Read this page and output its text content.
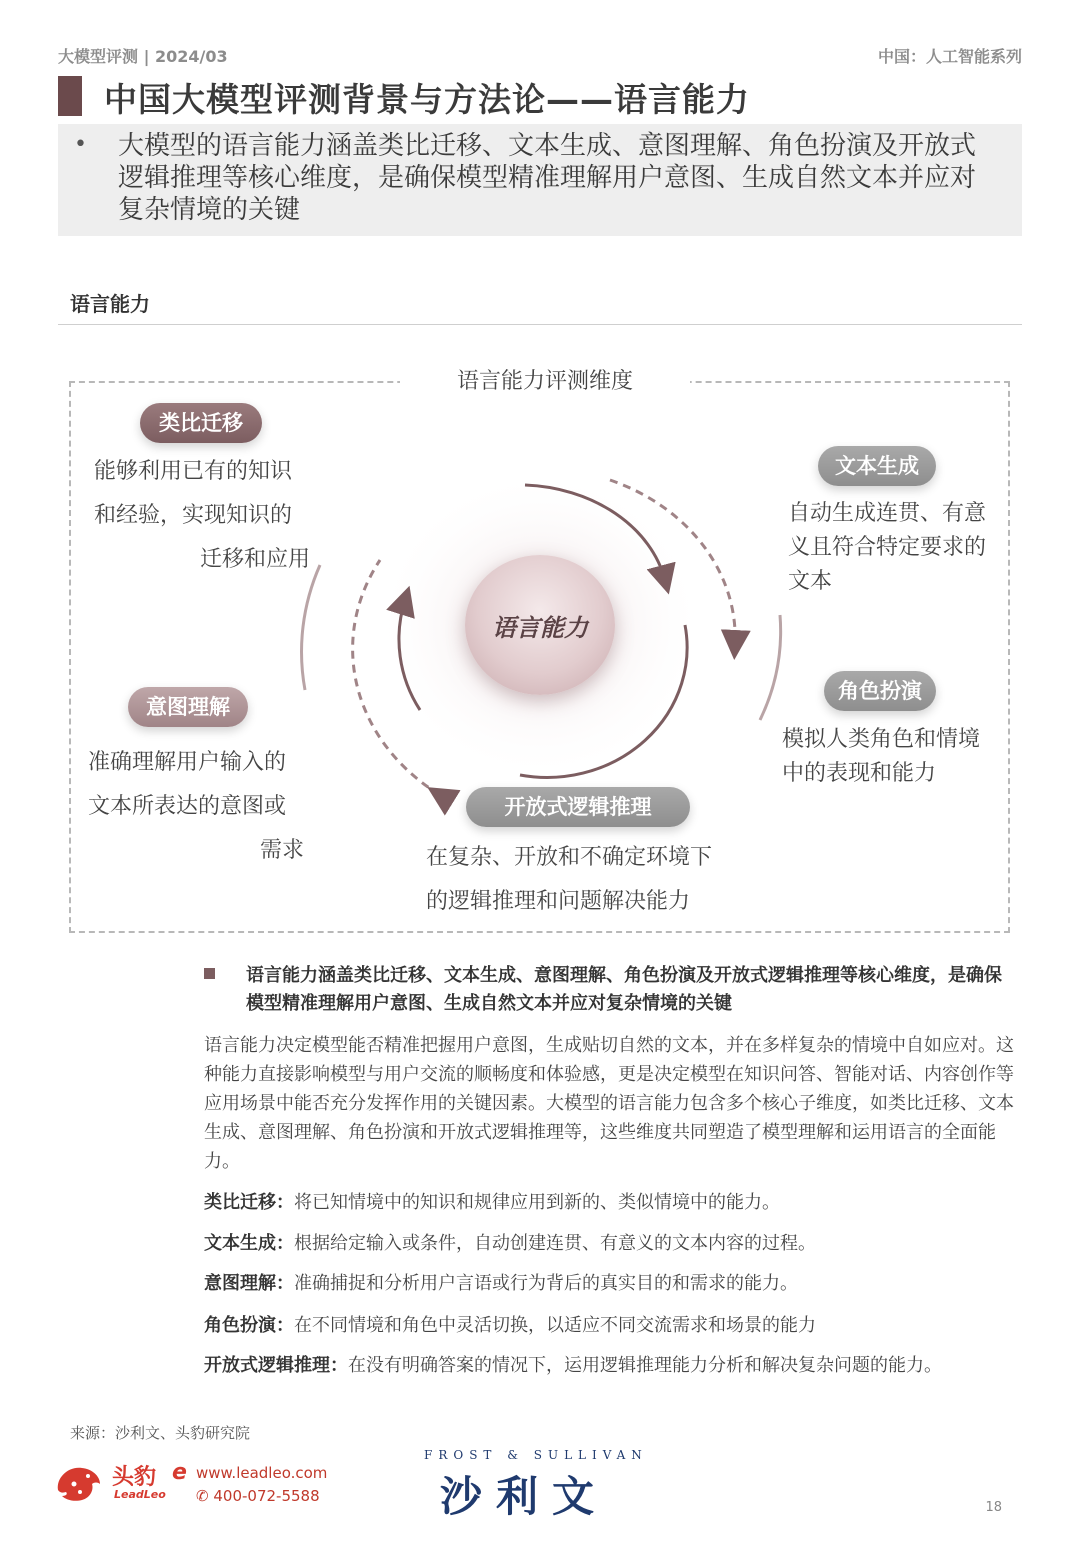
大模型评测 | 2024/03	中国：人工智能系列
中国大模型评测背景与方法论——语言能力
• 大模型的语言能力涵盖类比迁移、文本生成、意图理解、角色扮演及开放式逻辑推理等核心维度，是确保模型精准理解用户意图、生成自然文本并应对复杂情境的关键
语言能力
语言能力评测维度
语言能力
类比迁移
能够利用已有的知识
和经验，实现知识的
迁移和应用
文本生成
自动生成连贯、有意
义且符合特定要求的
文本
意图理解
准确理解用户输入的
文本所表达的意图或
需求
角色扮演
模拟人类角色和情境
中的表现和能力
开放式逻辑推理
在复杂、开放和不确定环境下
的逻辑推理和问题解决能力
语言能力涵盖类比迁移、文本生成、意图理解、角色扮演及开放式逻辑推理等核心维度，是确保模型精准理解用户意图、生成自然文本并应对复杂情境的关键
语言能力决定模型能否精准把握用户意图，生成贴切自然的文本，并在多样复杂的情境中自如应对。这种能力直接影响模型与用户交流的顺畅度和体验感，更是决定模型在知识问答、智能对话、内容创作等应用场景中能否充分发挥作用的关键因素。大模型的语言能力包含多个核心子维度，如类比迁移、文本生成、意图理解、角色扮演和开放式逻辑推理等，这些维度共同塑造了模型理解和运用语言的全面能力。
类比迁移：将已知情境中的知识和规律应用到新的、类似情境中的能力。
文本生成：根据给定输入或条件，自动创建连贯、有意义的文本内容的过程。
意图理解：准确捕捉和分析用户言语或行为背后的真实目的和需求的能力。
角色扮演：在不同情境和角色中灵活切换，以适应不同交流需求和场景的能力
开放式逻辑推理：在没有明确答案的情况下，运用逻辑推理能力分析和解决复杂问题的能力。
来源：沙利文、头豹研究院
头豹
LeadLeo
e www.leadleo.com
✆ 400-072-5588
FROST & SULLIVAN
沙利文	18
